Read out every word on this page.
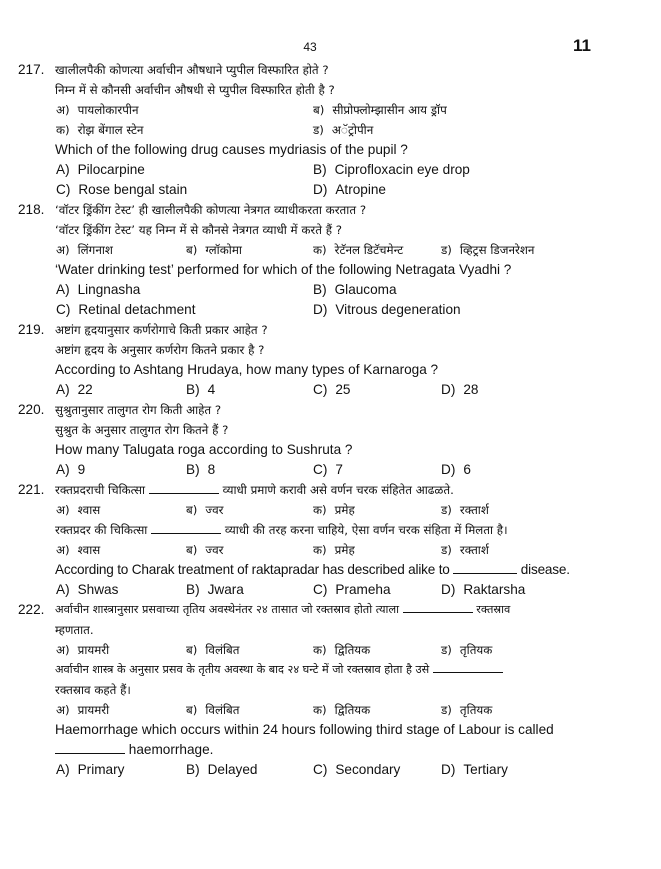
43	11
217. खालीलपैकी कोणत्या अर्वाचीन औषधाने प्युपील विस्फारित होते ?
निम्न में से कौनसी अर्वाचीन औषधी से प्युपील विस्फारित होती है ?
अ) पायलोकारपीन	ब) सीप्रोफ्लोम्झासीन आय ड्रॉप
क) रोझ बेंगाल स्टेन	ड) अॅट्रोपीन
Which of the following drug causes mydriasis of the pupil ?
A) Pilocarpine	B) Ciprofloxacin eye drop
C) Rose bengal stain	D) Atropine
218. ‘वॉटर ड्रिंकींग टेस्ट’ ही खालीलपैकी कोणत्या नेत्रगत व्याधीकरता करतात ?
‘वॉटर ड्रिंकींग टेस्ट’ यह निम्न में से कौनसे नेत्रगत व्याधी में करते हैं ?
अ) लिंगनाश	ब) ग्लॉकोमा	क) रेटॅनल डिटॅचमेन्ट	ड) व्हिट्रस डिजनरेशन
‘Water drinking test’ performed for which of the following Netragata Vyadhi ?
A) Lingnasha	B) Glaucoma
C) Retinal detachment	D) Vitrous degeneration
219. अष्टांग हृदयानुसार कर्णरोगाचे किती प्रकार आहेत ?
अष्टांग हृदय के अनुसार कर्णरोग कितने प्रकार है ?
According to Ashtang Hrudaya, how many types of Karnaroga ?
A) 22	B) 4	C) 25	D) 28
220. सुश्रुतानुसार तालुगत रोग किती आहेत ?
सुश्रुत के अनुसार तालुगत रोग कितने हैं ?
How many Talugata roga according to Sushruta ?
A) 9	B) 8	C) 7	D) 6
221. रक्तप्रदराची चिकित्सा	व्याधी प्रमाणे करावी असे वर्णन चरक संहितेत आढळते.
अ) श्वास	ब) ज्वर	क) प्रमेह	ड) रक्तार्श
रक्तप्रदर की चिकित्सा	व्याधी की तरह करना चाहिये, ऐसा वर्णन चरक संहिता में मिलता है।
अ) श्वास	ब) ज्वर	क) प्रमेह	ड) रक्तार्श
According to Charak treatment of raktapradar has described alike to	disease.
A) Shwas	B) Jwara	C) Prameha	D) Raktarsha
222. अर्वाचीन शास्त्रानुसार प्रसवाच्या तृतिय अवस्थेनंतर २४ तासात जो रक्तस्राव होतो त्याला	रक्तस्राव
म्हणतात.
अ) प्रायमरी	ब) विलंबित	क) द्वितियक	ड) तृतियक
अर्वाचीन शास्त्र के अनुसार प्रसव के तृतीय अवस्था के बाद २४ घन्टे में जो रक्तस्राव होता है उसे
रक्तस्राव कहते हैं।
अ) प्रायमरी	ब) विलंबित	क) द्वितियक	ड) तृतियक
Haemorrhage which occurs within 24 hours following third stage of Labour is called
haemorrhage.
A) Primary	B) Delayed	C) Secondary	D) Tertiary
